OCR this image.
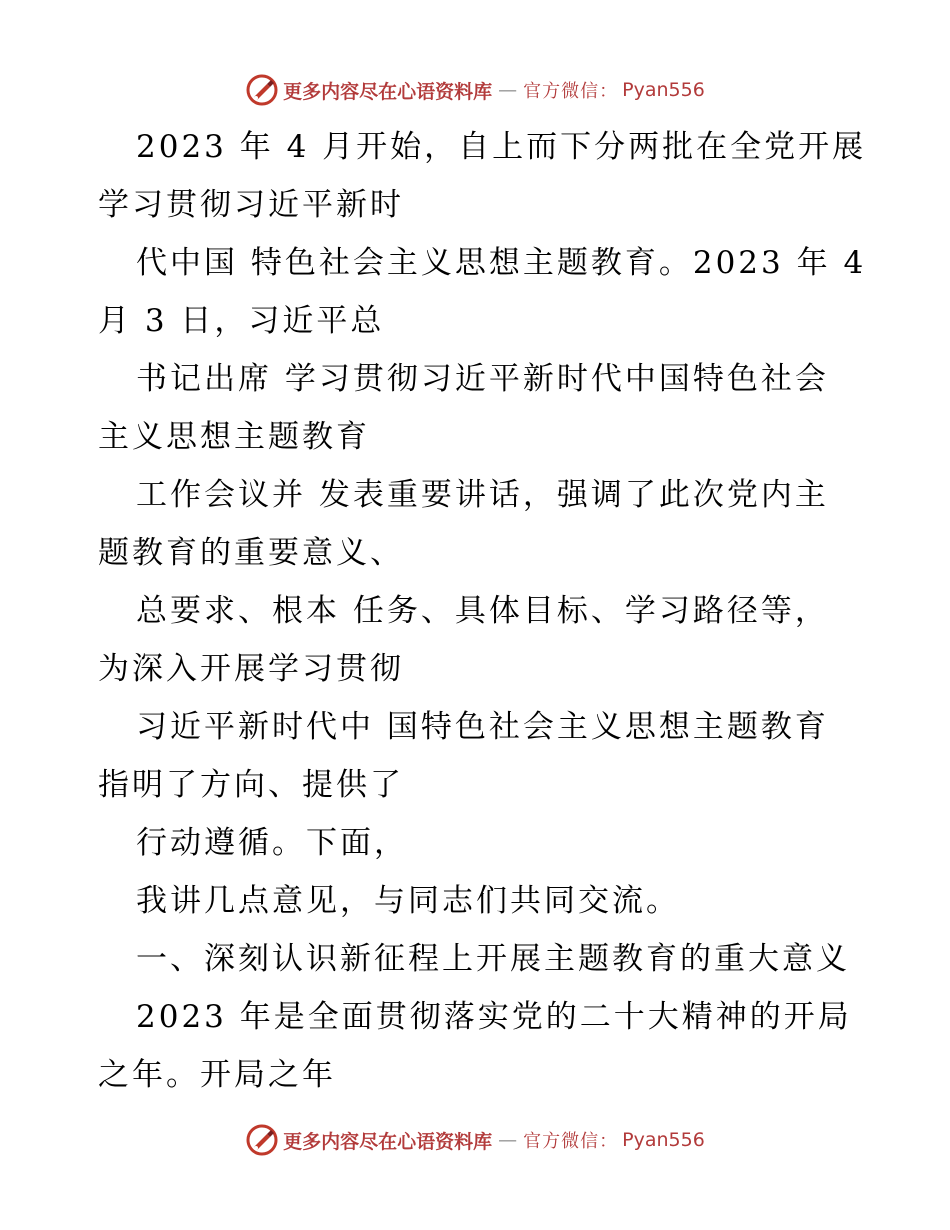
更多内容尽在心语资料库 — 官方微信： Pyan556
2023 年 4 月开始，自上而下分两批在全党开展
学习贯彻习近平新时
代中国 特色社会主义思想主题教育。2023 年 4
月 3 日，习近平总
书记出席 学习贯彻习近平新时代中国特色社会
主义思想主题教育
工作会议并 发表重要讲话，强调了此次党内主
题教育的重要意义、
总要求、根本 任务、具体目标、学习路径等，
为深入开展学习贯彻
习近平新时代中 国特色社会主义思想主题教育
指明了方向、提供了
行动遵循。下面，
我讲几点意见，与同志们共同交流。
一、深刻认识新征程上开展主题教育的重大意义
2023 年是全面贯彻落实党的二十大精神的开局
之年。开局之年
更多内容尽在心语资料库 — 官方微信： Pyan556
